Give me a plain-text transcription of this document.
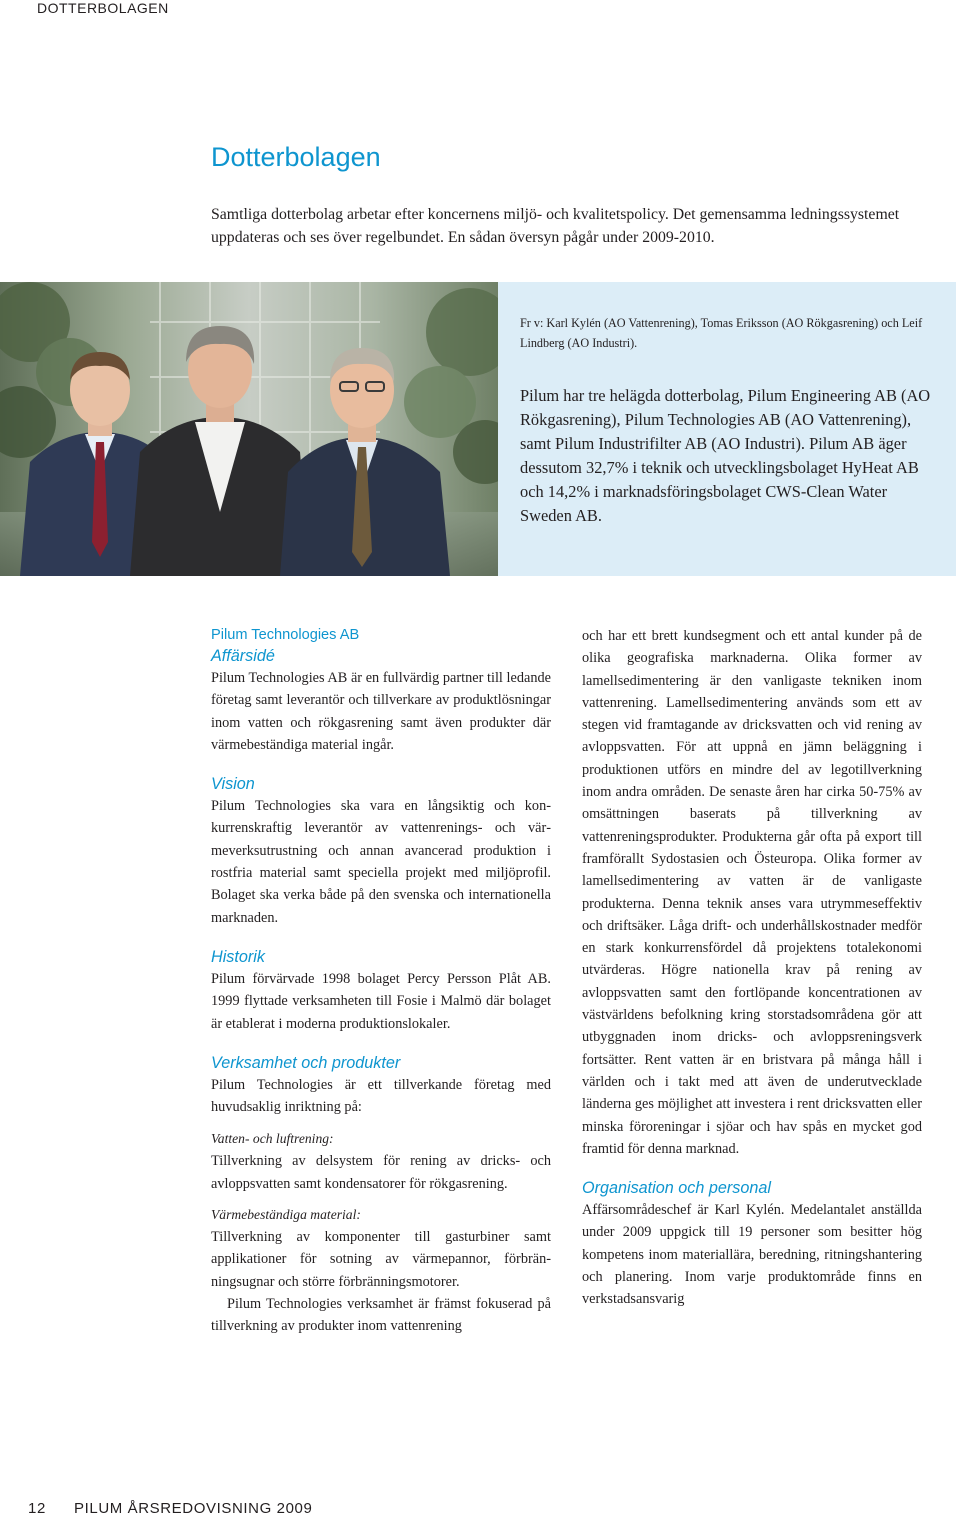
DOTTERBOLAGEN
Dotterbolagen

Samtliga dotterbolag arbetar efter koncernens miljö- och kvalitetspolicy. Det gemensamma ledningssystemet uppdateras och ses över regelbundet. En sådan översyn pågår under 2009-2010.

Fr v: Karl Kylén (AO Vattenrening), Tomas Eriksson (AO Rökgasrening) och Leif Lindberg (AO Industri).

Pilum har tre helägda dotterbolag, Pilum Engineering AB (AO Rökgasrening), Pilum Technologies AB (AO Vattenrening), samt Pilum Industrifilter AB (AO Industri). Pilum AB äger dessutom 32,7% i teknik och utvecklingsbolaget HyHeat AB och 14,2% i marknadsföringsbolaget CWS-Clean Water Sweden AB.

Pilum Technologies AB
Affärsidé

Pilum Technologies AB är en fullvärdig partner till ledande företag samt leverantör och tillverkare av produktlösningar inom vatten och rökgasrening samt även produkter där värmebeständiga material ingår.

Vision

Pilum Technologies ska vara en långsiktig och konkurrenskraftig leverantör av vattenrenings- och värmeverksutrustning och annan avancerad produktion i rostfria material samt speciella projekt med miljöprofil. Bolaget ska verka både på den svenska och internationella marknaden.

Historik

Pilum förvärvade 1998 bolaget Percy Persson Plåt AB. 1999 flyttade verksamheten till Fosie i Malmö där bolaget är etablerat i moderna produktionslokaler.

Verksamhet och produkter

Pilum Technologies är ett tillverkande företag med huvudsaklig inriktning på:

Vatten- och luftrening:

Tillverkning av delsystem för rening av dricks- och avloppsvatten samt kondensatorer för rökgasrening.

Värmebeständiga material:

Tillverkning av komponenter till gasturbiner samt applikationer för sotning av värmepannor, förbränningsugnar och större förbränningsmotorer.

Pilum Technologies verksamhet är främst fokuserad på tillverkning av produkter inom vattenrening

och har ett brett kundsegment och ett antal kunder på de olika geografiska marknaderna. Olika former av lamellsedimentering är den vanligaste tekniken inom vattenrening. Lamellsedimentering används som ett av stegen vid framtagande av dricksvatten och vid rening av avloppsvatten. För att uppnå en jämn beläggning i produktionen utförs en mindre del av legotillverkning inom andra områden. De senaste åren har cirka 50-75% av omsättningen baserats på tillverkning av vattenreningsprodukter. Produkterna går ofta på export till framförallt Sydostasien och Östeuropa. Olika former av lamellsedimentering av vatten är de vanligaste produkterna. Denna teknik anses vara utrymmeseffektiv och driftsäker. Låga drift- och underhållskostnader medför en stark konkurrensfördel då projektens totalekonomi utvärderas. Högre nationella krav på rening av avloppsvatten samt den fortlöpande koncentrationen av västvärldens befolkning kring storstadsområdena gör att utbyggnaden inom dricks- och avloppsreningsverk fortsätter. Rent vatten är en bristvara på många håll i världen och i takt med att även de underutvecklade länderna ges möjlighet att investera i rent dricksvatten eller minska föroreningar i sjöar och hav spås en mycket god framtid för denna marknad.

Organisation och personal

Affärsområdeschef är Karl Kylén. Medelantalet anställda under 2009 uppgick till 19 personer som besitter hög kompetens inom materiallära, beredning, ritningshantering och planering. Inom varje produktområde finns en verkstadsansvarig

12 PILUM ÅRSREDOVISNING 2009
